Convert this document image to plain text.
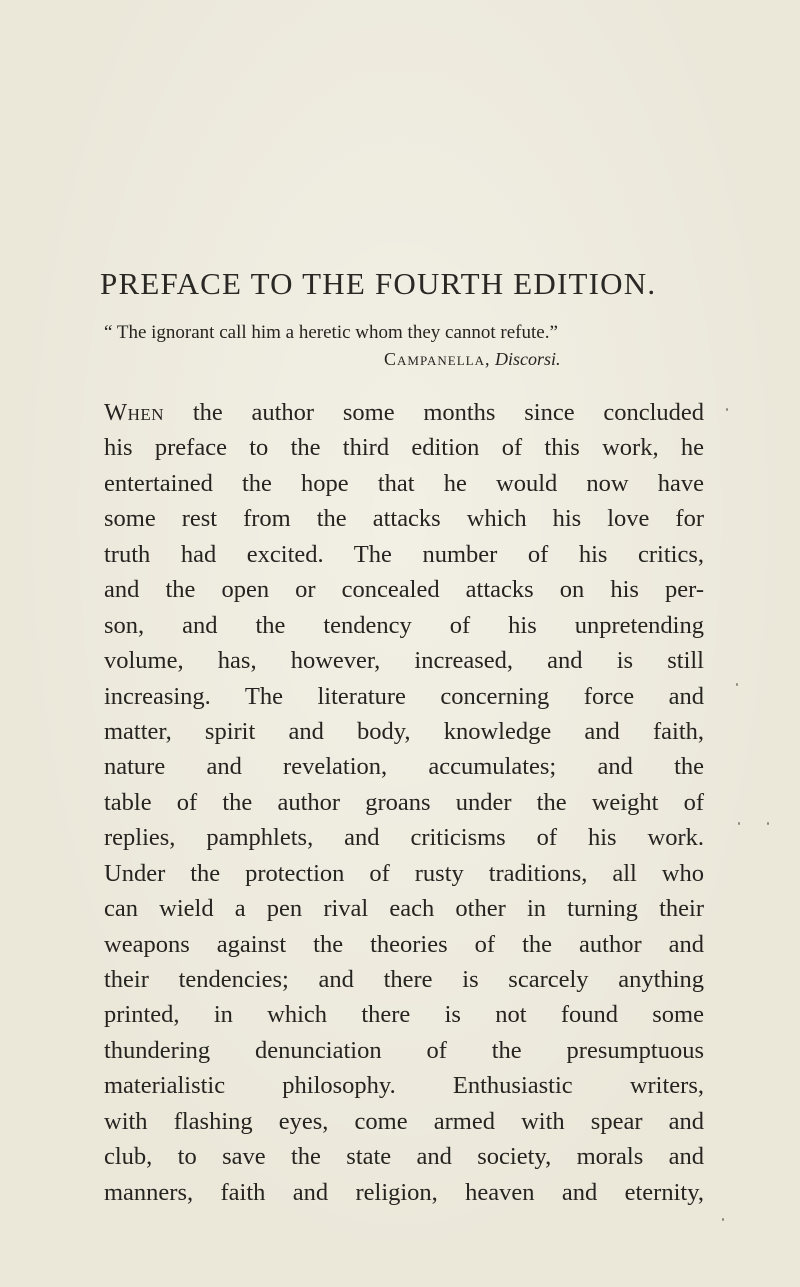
PREFACE TO THE FOURTH EDITION.
“ The ignorant call him a heretic whom they cannot refute.”
Campanella, Discorsi.
When the author some months since concluded
his preface to the third edition of this work, he
entertained the hope that he would now have
some rest from the attacks which his love for
truth had excited. The number of his critics,
and the open or concealed attacks on his per-
son, and the tendency of his unpretending
volume, has, however, increased, and is still
increasing. The literature concerning force and
matter, spirit and body, knowledge and faith,
nature and revelation, accumulates; and the
table of the author groans under the weight of
replies, pamphlets, and criticisms of his work.
Under the protection of rusty traditions, all who
can wield a pen rival each other in turning their
weapons against the theories of the author and
their tendencies; and there is scarcely anything
printed, in which there is not found some
thundering denunciation of the presumptuous
materialistic philosophy. Enthusiastic writers,
with flashing eyes, come armed with spear and
club, to save the state and society, morals and
manners, faith and religion, heaven and eternity,
